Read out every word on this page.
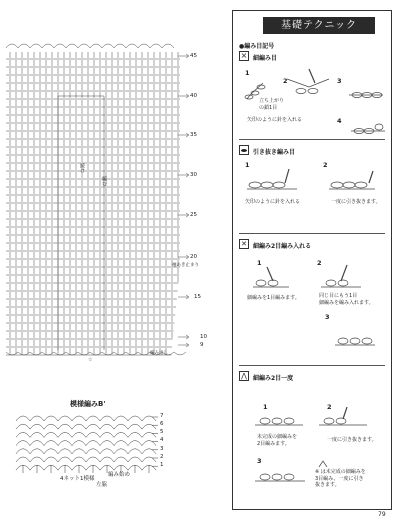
45
40
35
30
25
20
15
10
9
続け
編む
袖あき止まり
☆
編み出し
模様編みB'
7
6
5
4
3
2
1
4ネット1模様
編み始め
左脇
基礎テクニック
●編み目記号
× 細編み目
1
2	3
4
立ち上がり
の鎖1目
矢印のように針を入れる
引き抜き編み目
1	2
矢印のように針を入れる	一度に引き抜きます。
✕	細編み2目編み入れる
1	2
3
細編みを1目編みます。	同じ目にもう1目
細編みを編み入れます。
⋀	細編み2目一度
1	2
3
未完成の細編みを
2目編みます。
一度に引き抜きます。
※ は未完成の細編みを
3目編み、一度に引き
抜きます。
79
